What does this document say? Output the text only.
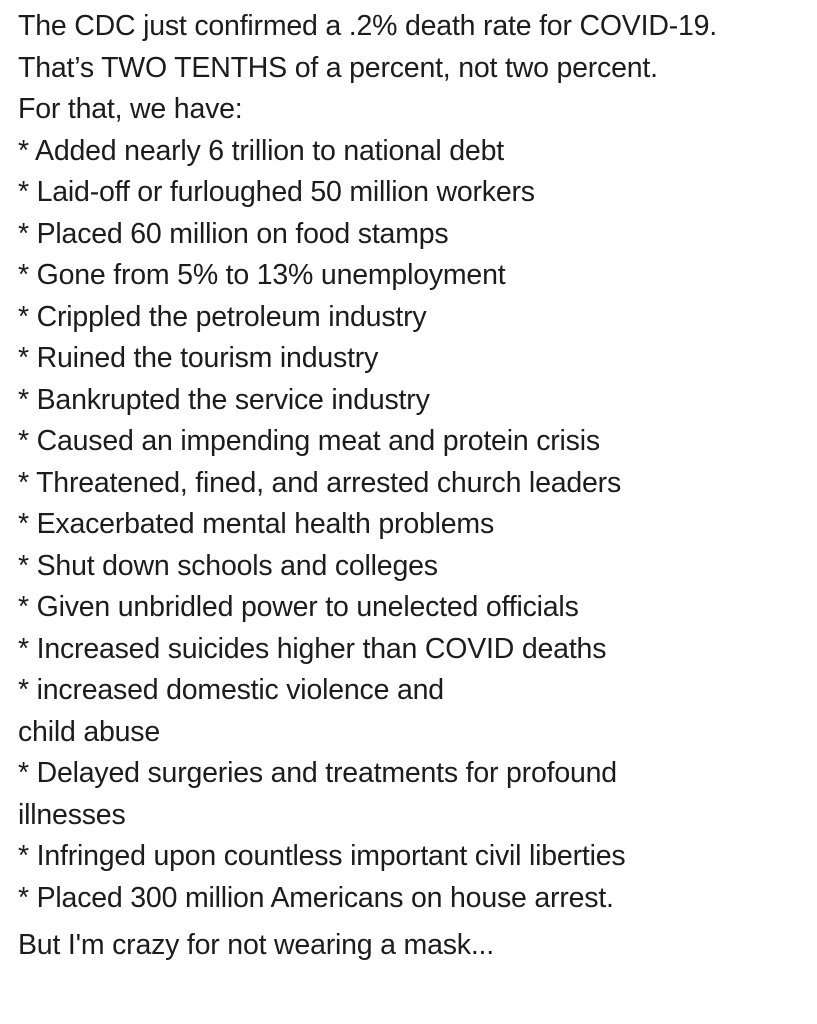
The CDC just confirmed a .2% death rate for COVID-19.
That’s TWO TENTHS of a percent, not two percent.

For that, we have:

* Added nearly 6 trillion to national debt
* Laid-off or furloughed 50 million workers
* Placed 60 million on food stamps
* Gone from 5% to 13% unemployment
* Crippled the petroleum industry
* Ruined the tourism industry
* Bankrupted the service industry
* Caused an impending meat and protein crisis
* Threatened, fined, and arrested church leaders
* Exacerbated mental health problems
* Shut down schools and colleges
* Given unbridled power to unelected officials
* Increased suicides higher than COVID deaths
* increased domestic violence and
child abuse
* Delayed surgeries and treatments for profound
illnesses
* Infringed upon countless important civil liberties
* Placed 300 million Americans on house arrest.

But I'm crazy for not wearing a mask...
